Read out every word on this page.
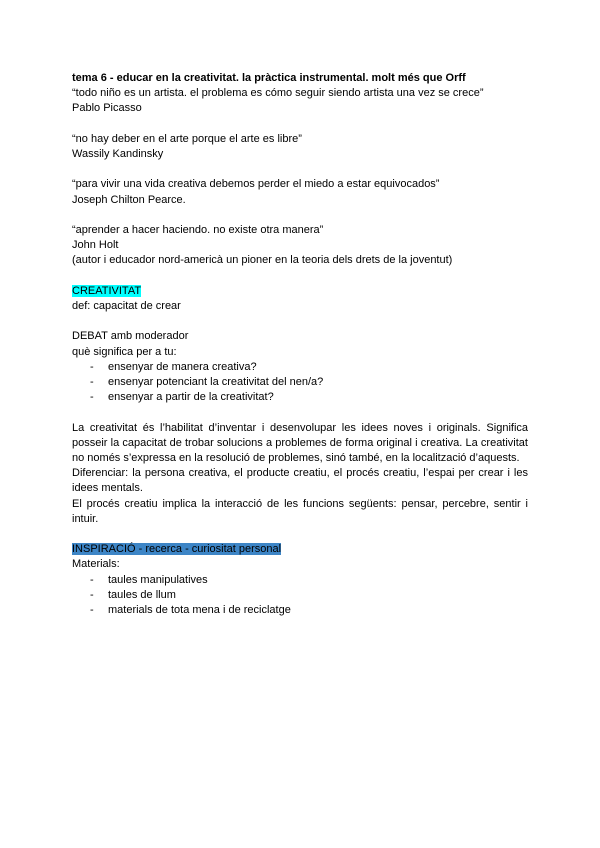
tema 6 - educar en la creativitat. la pràctica instrumental. molt més que Orff
“todo niño es un artista. el problema es cómo seguir siendo artista una vez se crece”
Pablo Picasso
“no hay deber en el arte porque el arte es libre”
Wassily Kandinsky
“para vivir una vida creativa debemos perder el miedo a estar equivocados”
Joseph Chilton Pearce.
“aprender a hacer haciendo. no existe otra manera”
John Holt
(autor i educador nord-americà un pioner en la teoria dels drets de la joventut)
CREATIVITAT
def: capacitat de crear
DEBAT amb moderador
què significa per a tu:
- ensenyar de manera creativa?
- ensenyar potenciant la creativitat del nen/a?
- ensenyar a partir de la creativitat?
La creativitat és l’habilitat d’inventar i desenvolupar les idees noves i originals. Significa posseir la capacitat de trobar solucions a problemes de forma original i creativa. La creativitat no només s’expressa en la resolució de problemes, sinó també, en la localització d’aquests.
Diferenciar: la persona creativa, el producte creatiu, el procés creatiu, l’espai per crear i les idees mentals.
El procés creatiu implica la interacció de les funcions següents: pensar, percebre, sentir i intuir.
INSPIRACIÓ - recerca - curiositat personal
Materials:
- taules manipulatives
- taules de llum
- materials de tota mena i de reciclatge
